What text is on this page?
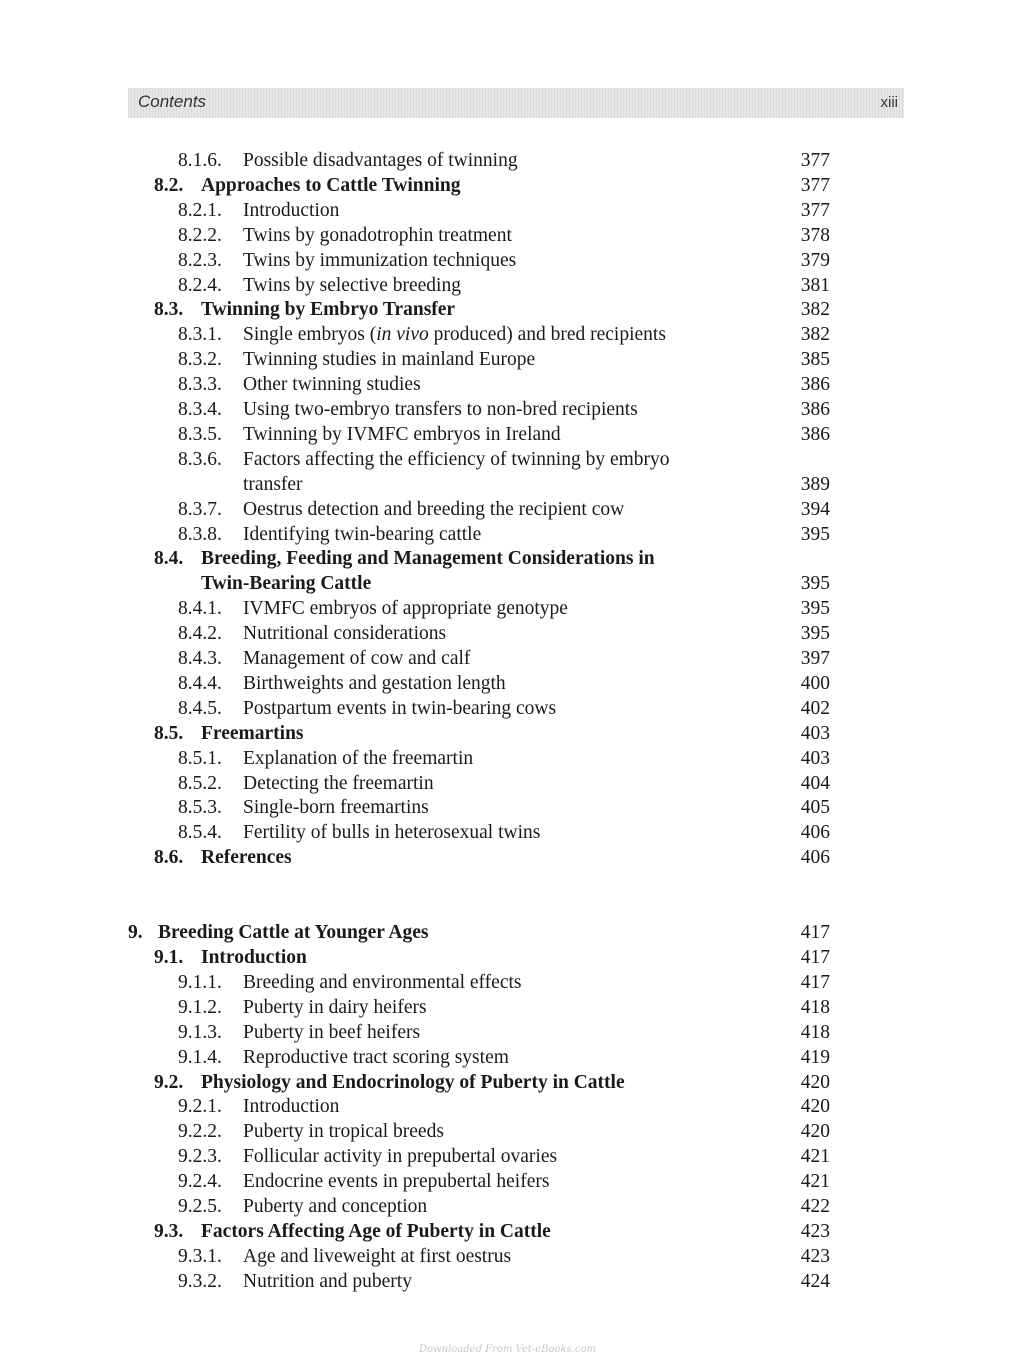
Contents	xiii
8.1.6. Possible disadvantages of twinning	377
8.2. Approaches to Cattle Twinning	377
8.2.1. Introduction	377
8.2.2. Twins by gonadotrophin treatment	378
8.2.3. Twins by immunization techniques	379
8.2.4. Twins by selective breeding	381
8.3. Twinning by Embryo Transfer	382
8.3.1. Single embryos (in vivo produced) and bred recipients	382
8.3.2. Twinning studies in mainland Europe	385
8.3.3. Other twinning studies	386
8.3.4. Using two-embryo transfers to non-bred recipients	386
8.3.5. Twinning by IVMFC embryos in Ireland	386
8.3.6. Factors affecting the efficiency of twinning by embryo
transfer	389
8.3.7. Oestrus detection and breeding the recipient cow	394
8.3.8. Identifying twin-bearing cattle	395
8.4. Breeding, Feeding and Management Considerations in
Twin-Bearing Cattle	395
8.4.1. IVMFC embryos of appropriate genotype	395
8.4.2. Nutritional considerations	395
8.4.3. Management of cow and calf	397
8.4.4. Birthweights and gestation length	400
8.4.5. Postpartum events in twin-bearing cows	402
8.5. Freemartins	403
8.5.1. Explanation of the freemartin	403
8.5.2. Detecting the freemartin	404
8.5.3. Single-born freemartins	405
8.5.4. Fertility of bulls in heterosexual twins	406
8.6. References	406
9. Breeding Cattle at Younger Ages	417
9.1. Introduction	417
9.1.1. Breeding and environmental effects	417
9.1.2. Puberty in dairy heifers	418
9.1.3. Puberty in beef heifers	418
9.1.4. Reproductive tract scoring system	419
9.2. Physiology and Endocrinology of Puberty in Cattle	420
9.2.1. Introduction	420
9.2.2. Puberty in tropical breeds	420
9.2.3. Follicular activity in prepubertal ovaries	421
9.2.4. Endocrine events in prepubertal heifers	421
9.2.5. Puberty and conception	422
9.3. Factors Affecting Age of Puberty in Cattle	423
9.3.1. Age and liveweight at first oestrus	423
9.3.2. Nutrition and puberty	424
Downloaded From Vet-eBooks.com
